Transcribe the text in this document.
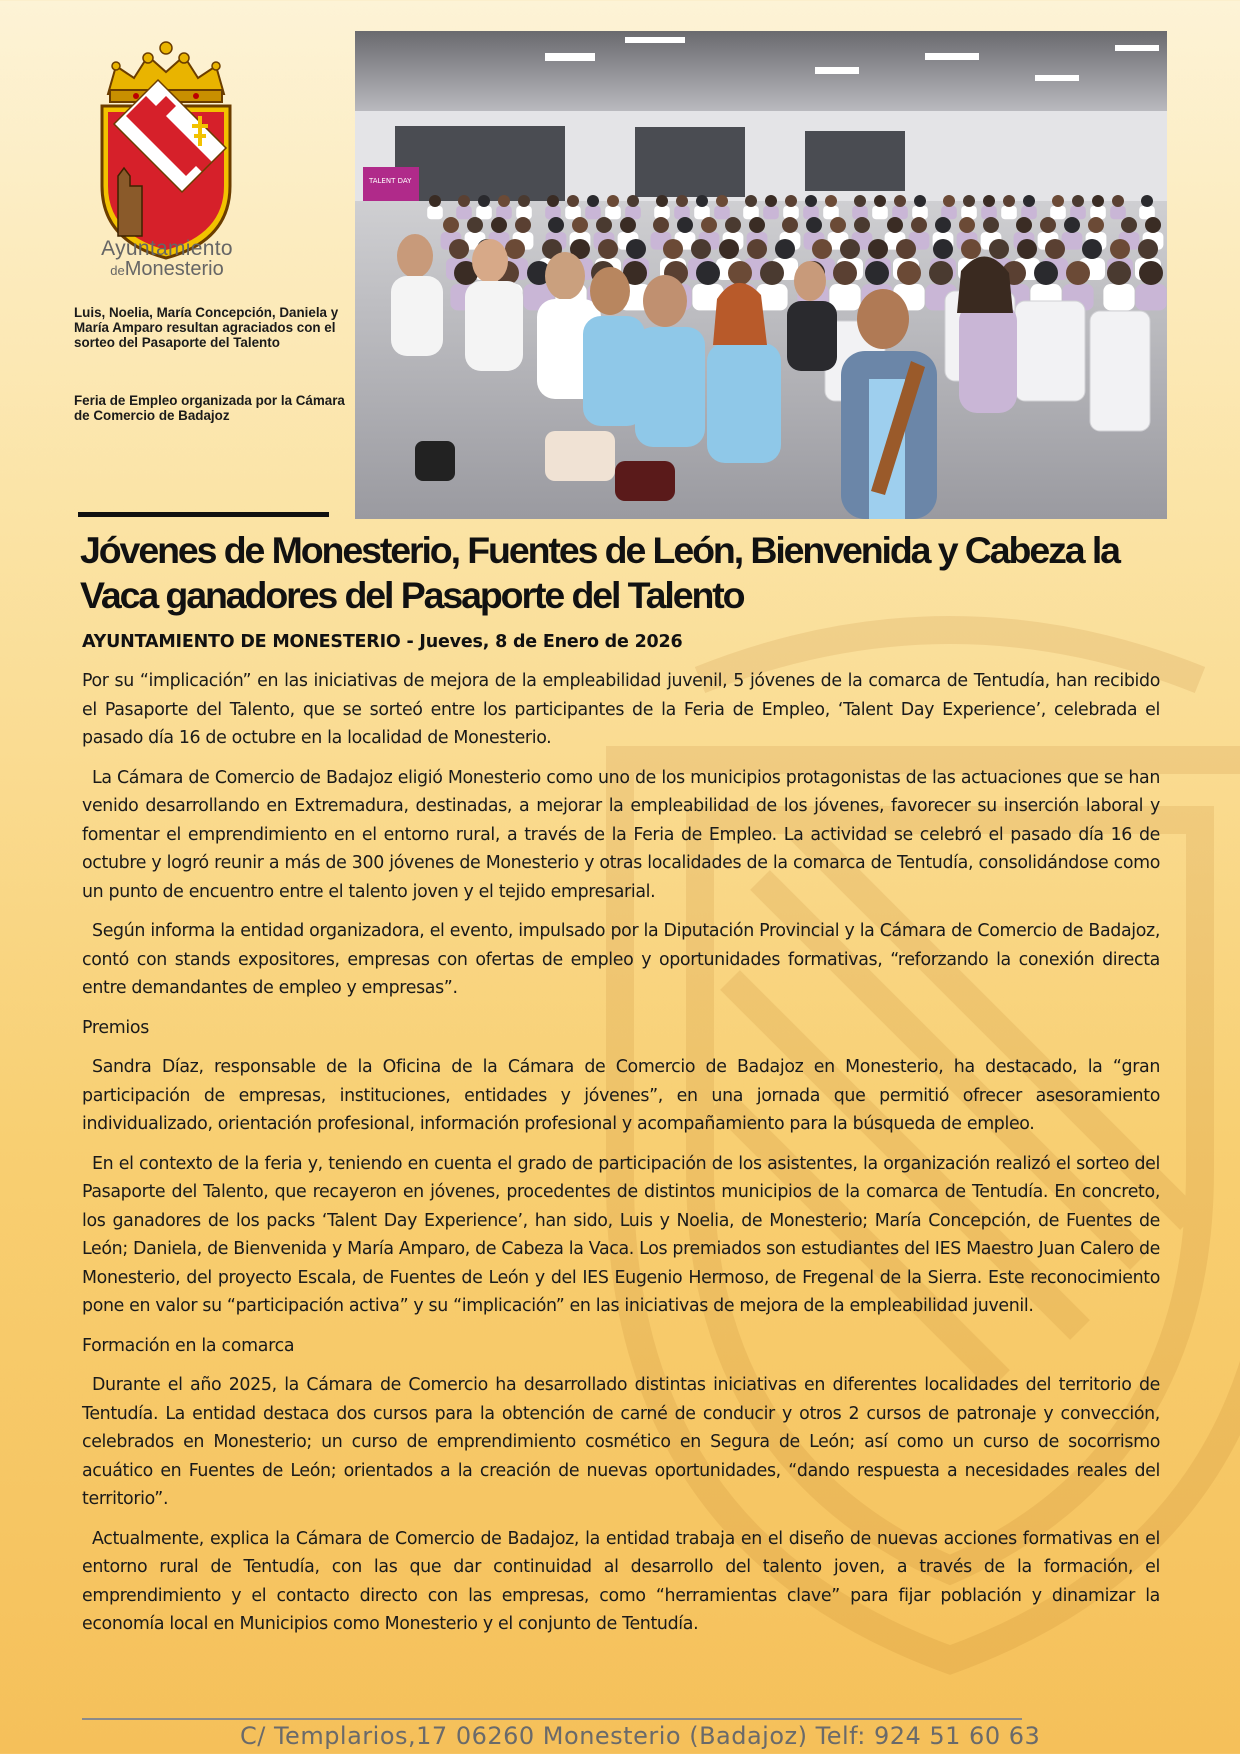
Ayuntamiento
deMonesterio
Luis, Noelia, María Concepción, Daniela y María Amparo resultan agraciados con el sorteo del Pasaporte del Talento
Feria de Empleo organizada por la Cámara de Comercio de Badajoz
TALENT DAY
Jóvenes de Monesterio, Fuentes de León, Bienvenida y Cabeza la Vaca ganadores del Pasaporte del Talento

AYUNTAMIENTO DE MONESTERIO - Jueves, 8 de Enero de 2026

Por su “implicación” en las iniciativas de mejora de la empleabilidad juvenil, 5 jóvenes de la comarca de Tentudía, han recibido el Pasaporte del Talento, que se sorteó entre los participantes de la Feria de Empleo, ‘Talent Day Experience’, celebrada el pasado día 16 de octubre en la localidad de Monesterio.

La Cámara de Comercio de Badajoz eligió Monesterio como uno de los municipios protagonistas de las actuaciones que se han venido desarrollando en Extremadura, destinadas, a mejorar la empleabilidad de los jóvenes, favorecer su inserción laboral y fomentar el emprendimiento en el entorno rural, a través de la Feria de Empleo. La actividad se celebró el pasado día 16 de octubre y logró reunir a más de 300 jóvenes de Monesterio y otras localidades de la comarca de Tentudía, consolidándose como un punto de encuentro entre el talento joven y el tejido empresarial.

Según informa la entidad organizadora, el evento, impulsado por la Diputación Provincial y la Cámara de Comercio de Badajoz, contó con stands expositores, empresas con ofertas de empleo y oportunidades formativas, “reforzando la conexión directa entre demandantes de empleo y empresas”.

Premios

Sandra Díaz, responsable de la Oficina de la Cámara de Comercio de Badajoz en Monesterio, ha destacado, la “gran participación de empresas, instituciones, entidades y jóvenes”, en una jornada que permitió ofrecer asesoramiento individualizado, orientación profesional, información profesional y acompañamiento para la búsqueda de empleo.

En el contexto de la feria y, teniendo en cuenta el grado de participación de los asistentes, la organización realizó el sorteo del Pasaporte del Talento, que recayeron en jóvenes, procedentes de distintos municipios de la comarca de Tentudía. En concreto, los ganadores de los packs ‘Talent Day Experience’, han sido, Luis y Noelia, de Monesterio; María Concepción, de Fuentes de León; Daniela, de Bienvenida y María Amparo, de Cabeza la Vaca. Los premiados son estudiantes del IES Maestro Juan Calero de Monesterio, del proyecto Escala, de Fuentes de León y del IES Eugenio Hermoso, de Fregenal de la Sierra. Este reconocimiento pone en valor su “participación activa” y su “implicación” en las iniciativas de mejora de la empleabilidad juvenil.

Formación en la comarca

Durante el año 2025, la Cámara de Comercio ha desarrollado distintas iniciativas en diferentes localidades del territorio de Tentudía. La entidad destaca dos cursos para la obtención de carné de conducir y otros 2 cursos de patronaje y convección, celebrados en Monesterio; un curso de emprendimiento cosmético en Segura de León; así como un curso de socorrismo acuático en Fuentes de León; orientados a la creación de nuevas oportunidades, “dando respuesta a necesidades reales del territorio”.

Actualmente, explica la Cámara de Comercio de Badajoz, la entidad trabaja en el diseño de nuevas acciones formativas en el entorno rural de Tentudía, con las que dar continuidad al desarrollo del talento joven, a través de la formación, el emprendimiento y el contacto directo con las empresas, como “herramientas clave” para fijar población y dinamizar la economía local en Municipios como Monesterio y el conjunto de Tentudía.

C/ Templarios,17 06260 Monesterio (Badajoz) Telf: 924 51 60 63
